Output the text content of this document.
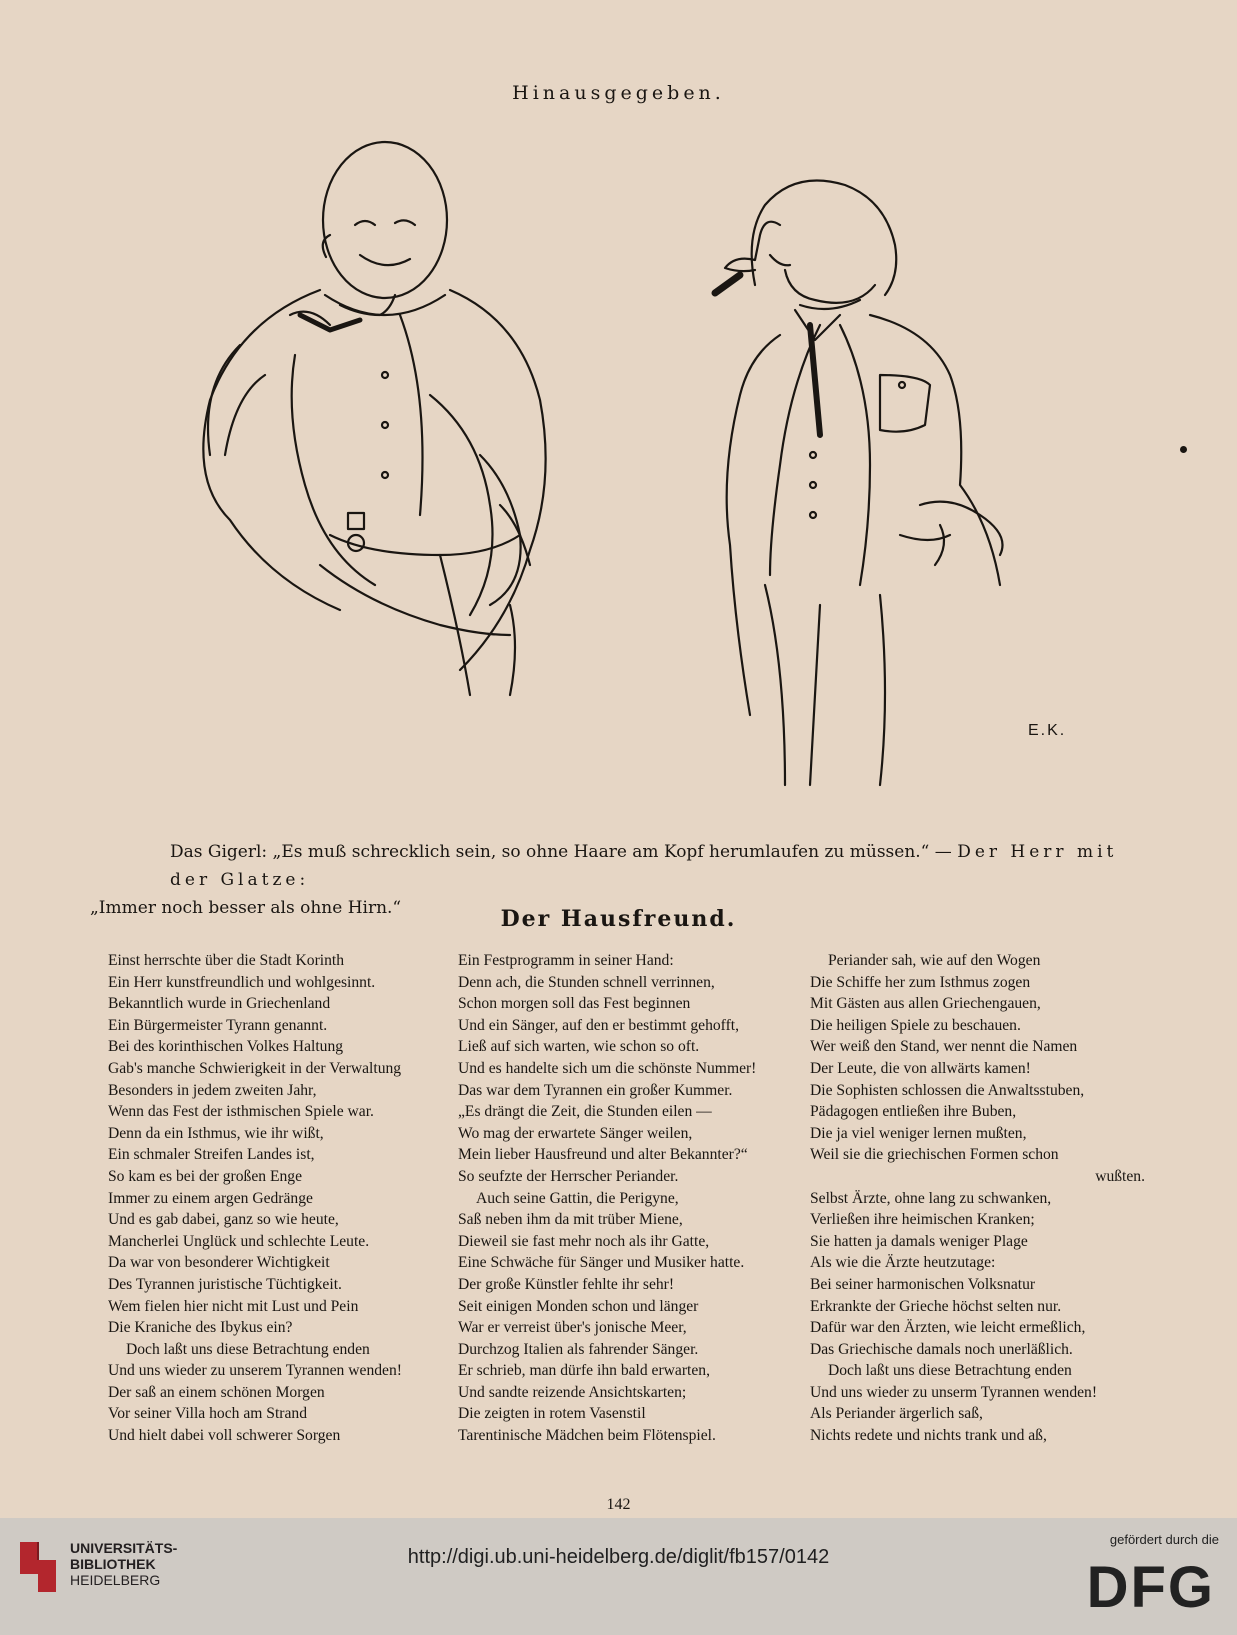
Hinausgegeben.
E.K.
Das Gigerl: „Es muß schrecklich sein, so ohne Haare am Kopf herumlaufen zu müssen.“ — Der Herr mit der Glatze:
„Immer noch besser als ohne Hirn.“	Der Hausfreund.
Einst herrschte über die Stadt Korinth
Ein Herr kunstfreundlich und wohlgesinnt.
Bekanntlich wurde in Griechenland
Ein Bürgermeister Tyrann genannt.
Bei des korinthischen Volkes Haltung
Gab's manche Schwierigkeit in der Verwaltung
Besonders in jedem zweiten Jahr,
Wenn das Fest der isthmischen Spiele war.
Denn da ein Isthmus, wie ihr wißt,
Ein schmaler Streifen Landes ist,
So kam es bei der großen Enge
Immer zu einem argen Gedränge
Und es gab dabei, ganz so wie heute,
Mancherlei Unglück und schlechte Leute.
Da war von besonderer Wichtigkeit
Des Tyrannen juristische Tüchtigkeit.
Wem fielen hier nicht mit Lust und Pein
Die Kraniche des Ibykus ein?
Doch laßt uns diese Betrachtung enden
Und uns wieder zu unserem Tyrannen wenden!
Der saß an einem schönen Morgen
Vor seiner Villa hoch am Strand
Und hielt dabei voll schwerer Sorgen
Ein Festprogramm in seiner Hand:
Denn ach, die Stunden schnell verrinnen,
Schon morgen soll das Fest beginnen
Und ein Sänger, auf den er bestimmt gehofft,
Ließ auf sich warten, wie schon so oft.
Und es handelte sich um die schönste Nummer!
Das war dem Tyrannen ein großer Kummer.
„Es drängt die Zeit, die Stunden eilen —
Wo mag der erwartete Sänger weilen,
Mein lieber Hausfreund und alter Bekannter?“
So seufzte der Herrscher Periander.
Auch seine Gattin, die Perigyne,
Saß neben ihm da mit trüber Miene,
Dieweil sie fast mehr noch als ihr Gatte,
Eine Schwäche für Sänger und Musiker hatte.
Der große Künstler fehlte ihr sehr!
Seit einigen Monden schon und länger
War er verreist über's jonische Meer,
Durchzog Italien als fahrender Sänger.
Er schrieb, man dürfe ihn bald erwarten,
Und sandte reizende Ansichtskarten;
Die zeigten in rotem Vasenstil
Tarentinische Mädchen beim Flötenspiel.
Periander sah, wie auf den Wogen
Die Schiffe her zum Isthmus zogen
Mit Gästen aus allen Griechengauen,
Die heiligen Spiele zu beschauen.
Wer weiß den Stand, wer nennt die Namen
Der Leute, die von allwärts kamen!
Die Sophisten schlossen die Anwaltsstuben,
Pädagogen entließen ihre Buben,
Die ja viel weniger lernen mußten,
Weil sie die griechischen Formen schon
wußten.
Selbst Ärzte, ohne lang zu schwanken,
Verließen ihre heimischen Kranken;
Sie hatten ja damals weniger Plage
Als wie die Ärzte heutzutage:
Bei seiner harmonischen Volksnatur
Erkrankte der Grieche höchst selten nur.
Dafür war den Ärzten, wie leicht ermeßlich,
Das Griechische damals noch unerläßlich.
Doch laßt uns diese Betrachtung enden
Und uns wieder zu unserm Tyrannen wenden!
Als Periander ärgerlich saß,
Nichts redete und nichts trank und aß,
142
UNIVERSITÄTS-
BIBLIOTHEK
HEIDELBERG
http://digi.ub.uni-heidelberg.de/diglit/fb157/0142
gefördert durch die
DFG
